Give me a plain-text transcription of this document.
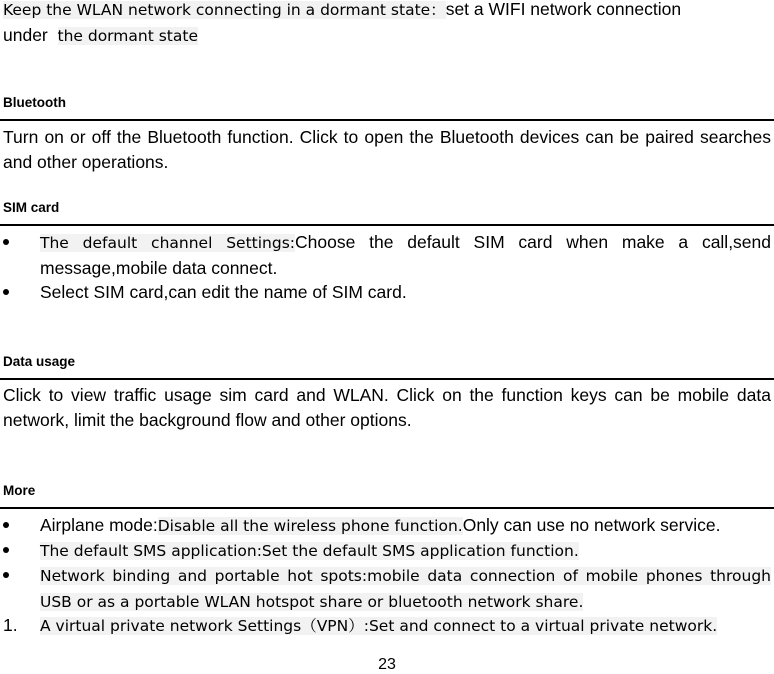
Keep the WLAN network connecting in a dormant state：set a WIFI network connection
under the dormant state
Bluetooth
Turn on or off the Bluetooth function. Click to open the Bluetooth devices can be paired searches and other operations.
SIM card
The default channel Settings:Choose the default SIM card when make a call,send message,mobile data connect.
Select SIM card,can edit the name of SIM card.
Data usage
Click to view traffic usage sim card and WLAN. Click on the function keys can be mobile data network, limit the background flow and other options.
More
Airplane mode:Disable all the wireless phone function.Only can use no network service.
The default SMS application:Set the default SMS application function.
Network binding and portable hot spots:mobile data connection of mobile phones through USB or as a portable WLAN hotspot share or bluetooth network share.
1.	A virtual private network Settings（VPN）:Set and connect to a virtual private network.
23
